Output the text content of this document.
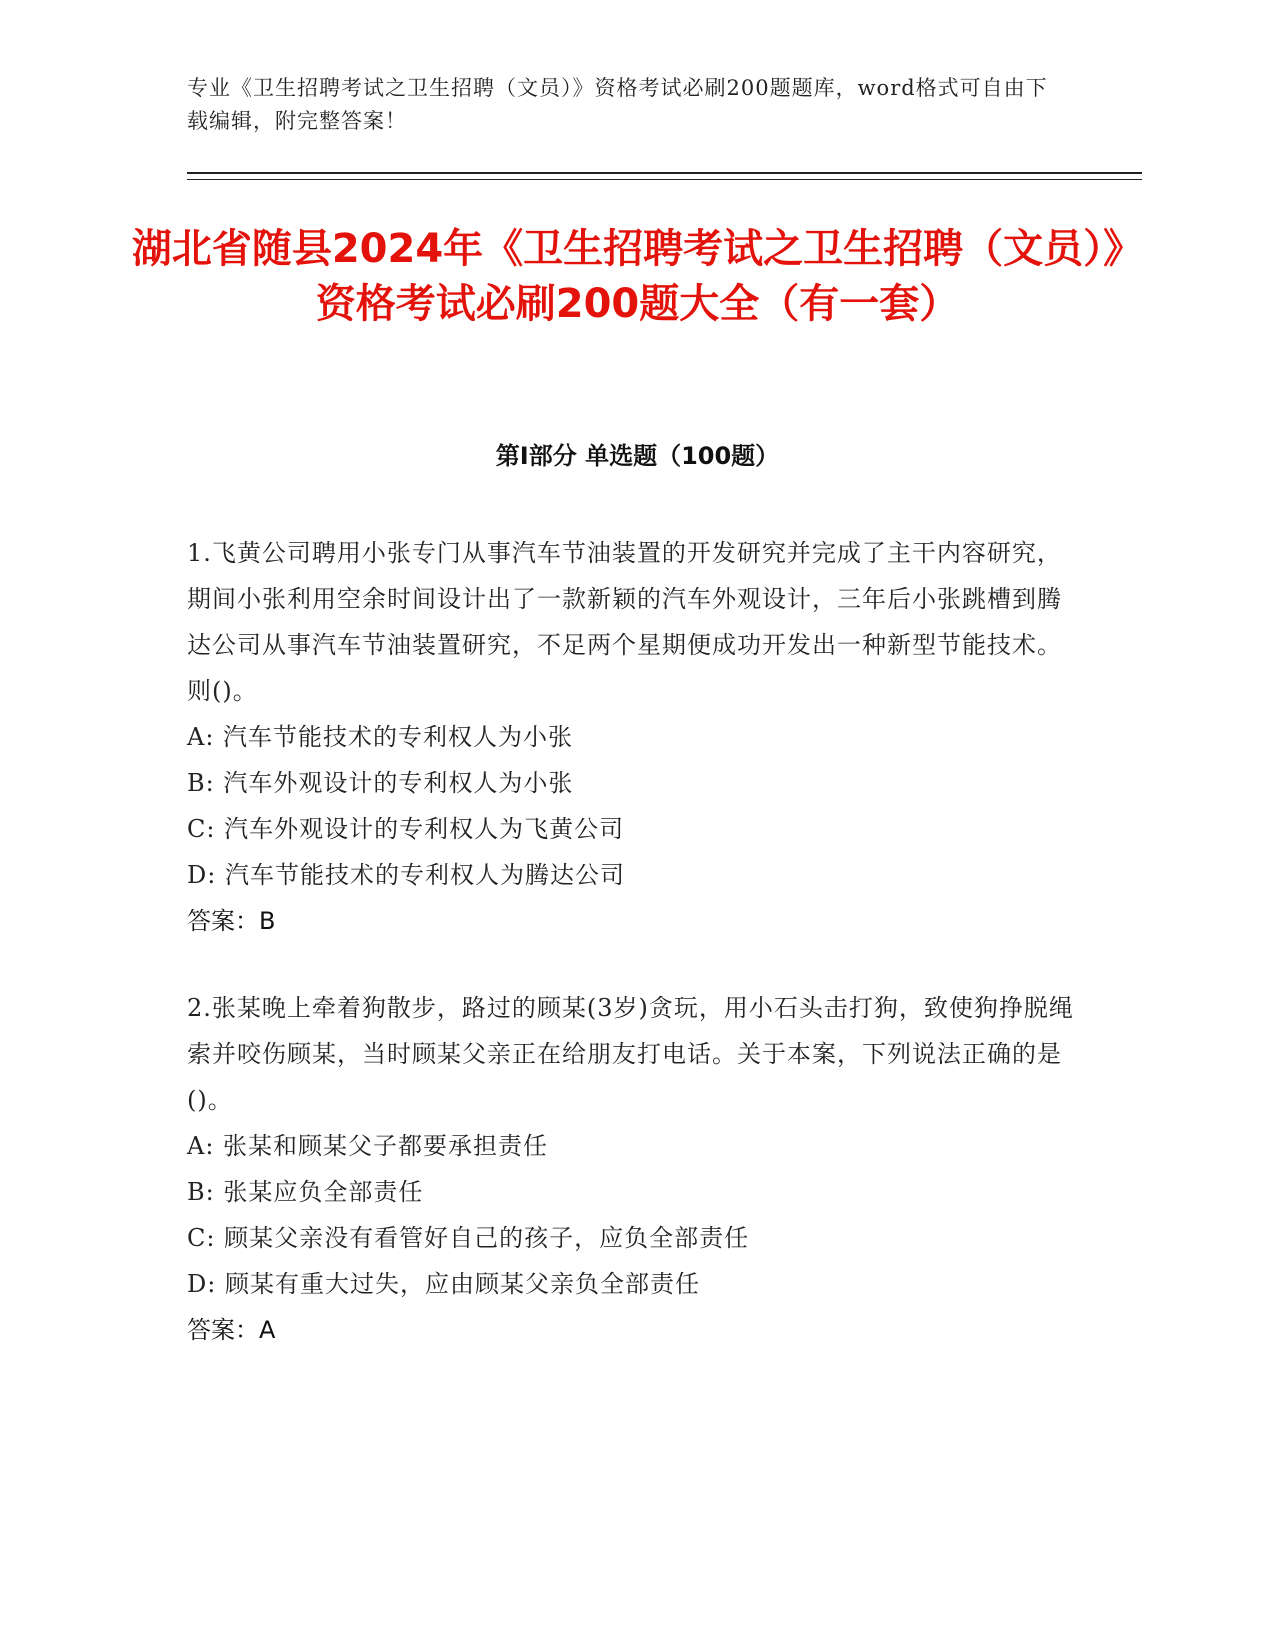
专业《卫生招聘考试之卫生招聘（文员）》资格考试必刷200题题库，word格式可自由下载编辑，附完整答案！
湖北省随县2024年《卫生招聘考试之卫生招聘（文员）》资格考试必刷200题大全（有一套）
第Ⅰ部分 单选题（100题）
1.飞黄公司聘用小张专门从事汽车节油装置的开发研究并完成了主干内容研究，期间小张利用空余时间设计出了一款新颖的汽车外观设计，三年后小张跳槽到腾达公司从事汽车节油装置研究，不足两个星期便成功开发出一种新型节能技术。则()。
A: 汽车节能技术的专利权人为小张
B: 汽车外观设计的专利权人为小张
C: 汽车外观设计的专利权人为飞黄公司
D: 汽车节能技术的专利权人为腾达公司
答案：B
2.张某晚上牵着狗散步，路过的顾某(3岁)贪玩，用小石头击打狗，致使狗挣脱绳索并咬伤顾某，当时顾某父亲正在给朋友打电话。关于本案，下列说法正确的是()。
A: 张某和顾某父子都要承担责任
B: 张某应负全部责任
C: 顾某父亲没有看管好自己的孩子，应负全部责任
D: 顾某有重大过失，应由顾某父亲负全部责任
答案：A
